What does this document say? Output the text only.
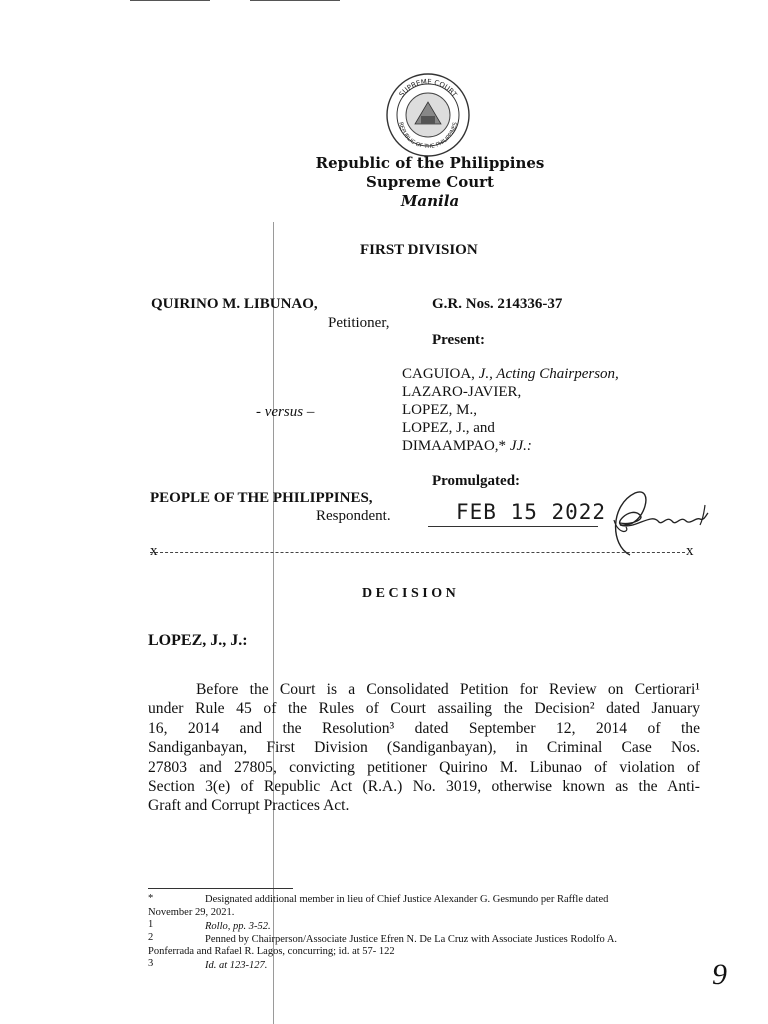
SUPREME COURT
REPUBLIC OF THE PHILIPPINES
Republic of the Philippines
Supreme Court
Manila
FIRST DIVISION
QUIRINO M. LIBUNAO,
Petitioner,
- versus –
PEOPLE OF THE PHILIPPINES,
Respondent.
G.R. Nos. 214336-37
Present:
CAGUIOA, J., Acting Chairperson,
LAZARO-JAVIER,
LOPEZ, M.,
LOPEZ, J., and
DIMAAMPAO,* JJ.:
Promulgated:
FEB 15 2022
x	x
D E C I S I O N
LOPEZ, J., J.:
Before the Court is a Consolidated Petition for Review on Certiorari¹
under Rule 45 of the Rules of Court assailing the Decision² dated January
16, 2014 and the Resolution³ dated September 12, 2014 of the
Sandiganbayan, First Division (Sandiganbayan), in Criminal Case Nos.
27803 and 27805, convicting petitioner Quirino M. Libunao of violation of
Section 3(e) of Republic Act (R.A.) No. 3019, otherwise known as the Anti-
Graft and Corrupt Practices Act.
*	Designated additional member in lieu of Chief Justice Alexander G. Gesmundo per Raffle dated
November 29, 2021.
1	Rollo, pp. 3-52.
2	Penned by Chairperson/Associate Justice Efren N. De La Cruz with Associate Justices Rodolfo A.
Ponferrada and Rafael R. Lagos, concurring; id. at 57- 122
3	Id. at 123-127.	9
